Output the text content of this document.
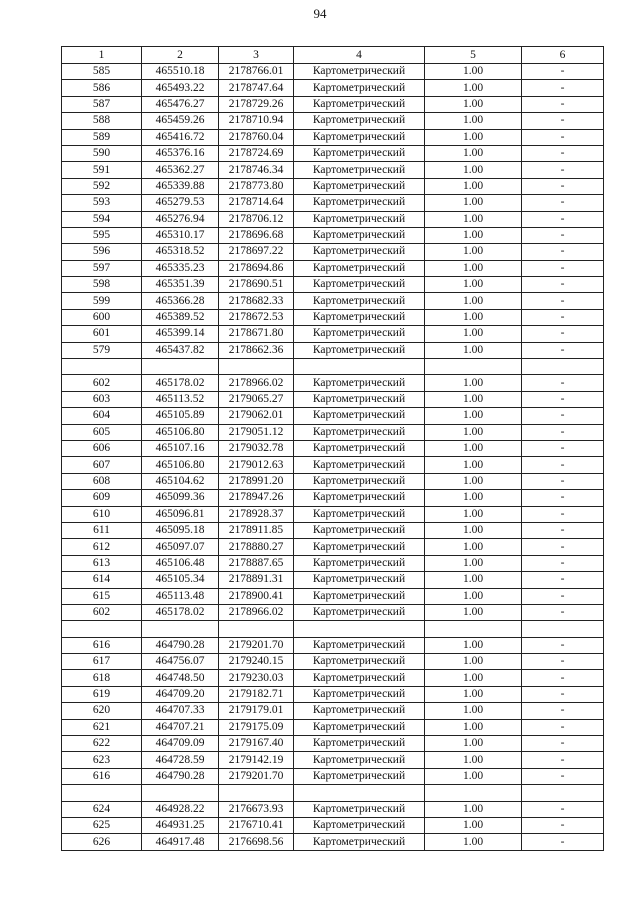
94
1	2	3	4	5	6
585	465510.18	2178766.01	Картометрический	1.00	-
586	465493.22	2178747.64	Картометрический	1.00	-
587	465476.27	2178729.26	Картометрический	1.00	-
588	465459.26	2178710.94	Картометрический	1.00	-
589	465416.72	2178760.04	Картометрический	1.00	-
590	465376.16	2178724.69	Картометрический	1.00	-
591	465362.27	2178746.34	Картометрический	1.00	-
592	465339.88	2178773.80	Картометрический	1.00	-
593	465279.53	2178714.64	Картометрический	1.00	-
594	465276.94	2178706.12	Картометрический	1.00	-
595	465310.17	2178696.68	Картометрический	1.00	-
596	465318.52	2178697.22	Картометрический	1.00	-
597	465335.23	2178694.86	Картометрический	1.00	-
598	465351.39	2178690.51	Картометрический	1.00	-
599	465366.28	2178682.33	Картометрический	1.00	-
600	465389.52	2178672.53	Картометрический	1.00	-
601	465399.14	2178671.80	Картометрический	1.00	-
579	465437.82	2178662.36	Картометрический	1.00	-

602	465178.02	2178966.02	Картометрический	1.00	-
603	465113.52	2179065.27	Картометрический	1.00	-
604	465105.89	2179062.01	Картометрический	1.00	-
605	465106.80	2179051.12	Картометрический	1.00	-
606	465107.16	2179032.78	Картометрический	1.00	-
607	465106.80	2179012.63	Картометрический	1.00	-
608	465104.62	2178991.20	Картометрический	1.00	-
609	465099.36	2178947.26	Картометрический	1.00	-
610	465096.81	2178928.37	Картометрический	1.00	-
611	465095.18	2178911.85	Картометрический	1.00	-
612	465097.07	2178880.27	Картометрический	1.00	-
613	465106.48	2178887.65	Картометрический	1.00	-
614	465105.34	2178891.31	Картометрический	1.00	-
615	465113.48	2178900.41	Картометрический	1.00	-
602	465178.02	2178966.02	Картометрический	1.00	-

616	464790.28	2179201.70	Картометрический	1.00	-
617	464756.07	2179240.15	Картометрический	1.00	-
618	464748.50	2179230.03	Картометрический	1.00	-
619	464709.20	2179182.71	Картометрический	1.00	-
620	464707.33	2179179.01	Картометрический	1.00	-
621	464707.21	2179175.09	Картометрический	1.00	-
622	464709.09	2179167.40	Картометрический	1.00	-
623	464728.59	2179142.19	Картометрический	1.00	-
616	464790.28	2179201.70	Картометрический	1.00	-

624	464928.22	2176673.93	Картометрический	1.00	-
625	464931.25	2176710.41	Картометрический	1.00	-
626	464917.48	2176698.56	Картометрический	1.00	-
